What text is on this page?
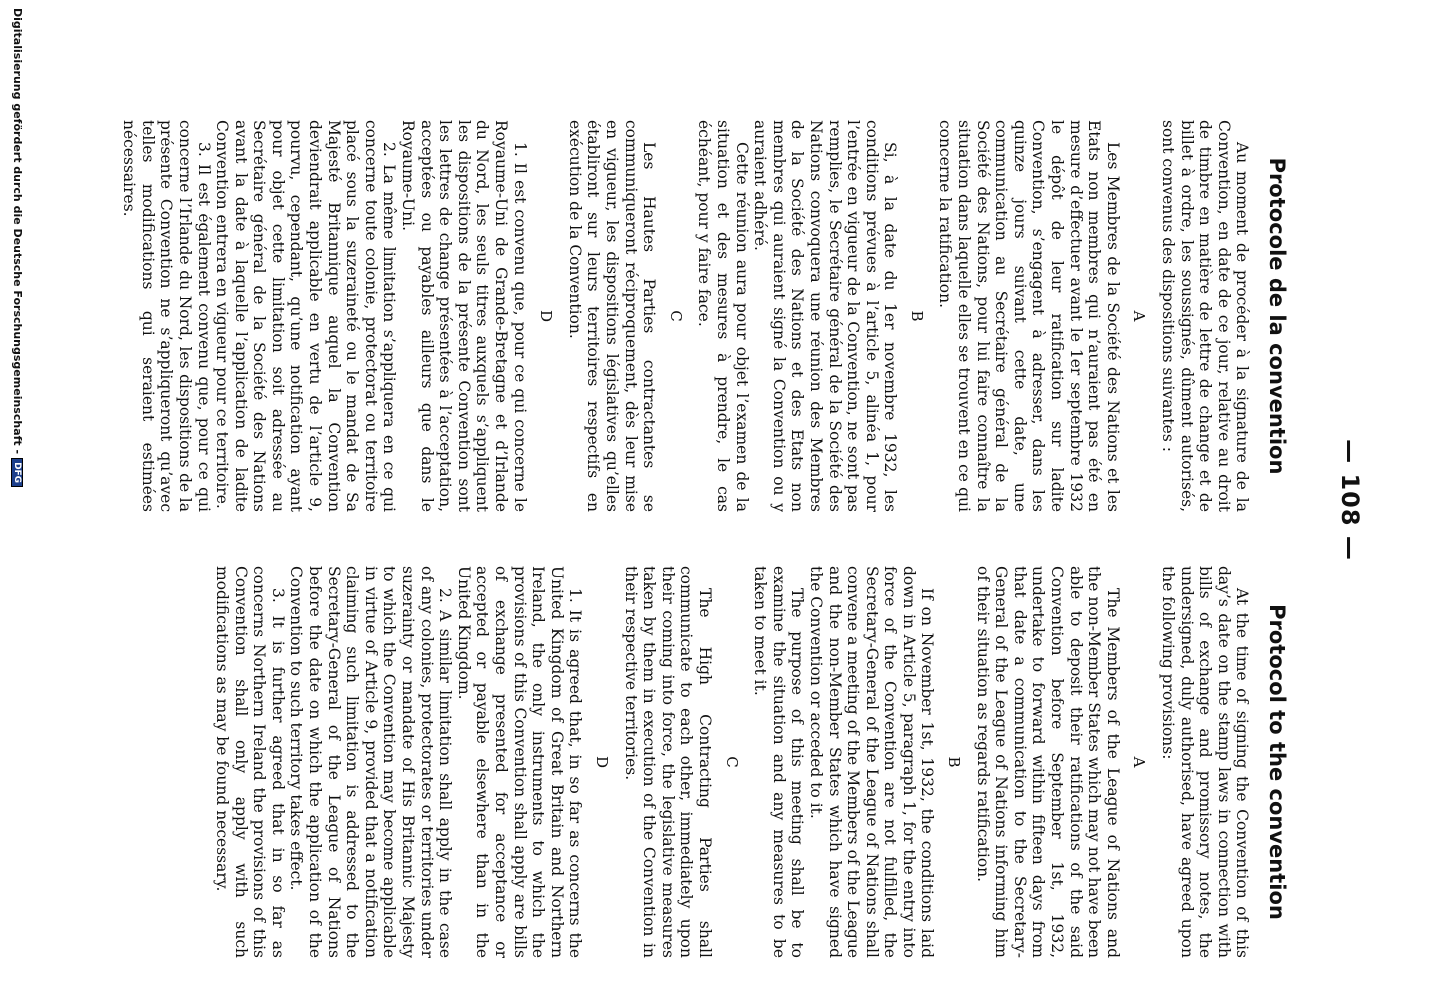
— 108 —
Protocole de la convention

Au moment de procéder à la signature de la Convention, en date de ce jour, relative au droit de timbre en matière de lettre de change et de billet à ordre, les soussignés, dûment autorisés, sont convenus des dispositions suivantes :

A

Les Membres de la Société des Nations et les Etats non membres qui n’auraient pas été en mesure d’effectuer avant le 1er septembre 1932 le dépôt de leur ratification sur ladite Convention, s’engagent à adresser, dans les quinze jours suivant cette date, une communication au Secrétaire général de la Société des Nations, pour lui faire connaître la situation dans laquelle elles se trouvent en ce qui concerne la ratification.

B

Si, à la date du 1er novembre 1932, les conditions prévues à l’article 5, alinéa 1, pour l’entrée en vigueur de la Convention, ne sont pas remplies, le Secrétaire général de la Société des Nations convoquera une réunion des Membres de la Société des Nations et des Etats non membres qui auraient signé la Convention ou y auraient adhéré.

Cette réunion aura pour objet l’examen de la situation et des mesures à prendre, le cas échéant, pour y faire face.

C

Les Hautes Parties contractantes se communiqueront réciproquement, dès leur mise en vigueur, les dispositions législatives qu’elles établiront sur leurs territoires respectifs en exécution de la Convention.

D

1. Il est convenu que, pour ce qui concerne le Royaume-Uni de Grande-Bretagne et d’Irlande du Nord, les seuls titres auxquels s’appliquent les dispositions de la présente Convention sont les lettres de change présentées à l’acceptation, acceptées ou payables ailleurs que dans le Royaume-Uni.

2. La même limitation s’appliquera en ce qui concerne toute colonie, protectorat ou territoire placé sous la suzeraineté ou le mandat de Sa Majesté Britannique auquel la Convention deviendrait applicable en vertu de l’article 9, pourvu, cependant, qu’une notification ayant pour objet cette limitation soit adressée au Secrétaire général de la Société des Nations avant la date à laquelle l’application de ladite Convention entrera en vigueur pour ce territoire.

3. Il est également convenu que, pour ce qui concerne l’Irlande du Nord, les dispositions de la présente Convention ne s’appliqueront qu’avec telles modifications qui seraient estimées nécessaires.

Protocol to the convention

At the time of signing the Convention of this day’s date on the stamp laws in connection with bills of exchange and promissory notes, the undersigned, duly authorised, have agreed upon the following provisions:

A

The Members of the League of Nations and the non-Member States which may not have been able to deposit their ratifications of the said Convention before September 1st, 1932, undertake to forward within fifteen days from that date a communication to the Secretary-General of the League of Nations informing him of their situation as regards ratification.

B

If on November 1st, 1932, the conditions laid down in Article 5, paragraph 1, for the entry into force of the Convention are not fulfilled, the Secretary-General of the League of Nations shall convene a meeting of the Members of the League and the non-Member States which have signed the Convention or acceded to it.

The purpose of this meeting shall be to examine the situation and any measures to be taken to meet it.

C

The High Contracting Parties shall communicate to each other, immediately upon their coming into force, the legislative measures taken by them in execution of the Convention in their respective territories.

D

1. It is agreed that, in so far as concerns the United Kingdom of Great Britain and Northern Ireland, the only instruments to which the provisions of this Convention shall apply are bills of exchange presented for acceptance or accepted or payable elsewhere than in the United Kingdom.

2. A similar limitation shall apply in the case of any colonies, protectorates or territories under suzerainty or mandate of His Britannic Majesty to which the Convention may become applicable in virtue of Article 9, provided that a notification claiming such limitation is addressed to the Secretary-General of the League of Nations before the date on which the application of the Convention to such territory takes effect.

3. It is further agreed that in so far as concerns Northern Ireland the provisions of this Convention shall only apply with such modifications as may be found necessary.

Digitalisierung gefördert durch die Deutsche Forschungsgemeinschaft -DFG
